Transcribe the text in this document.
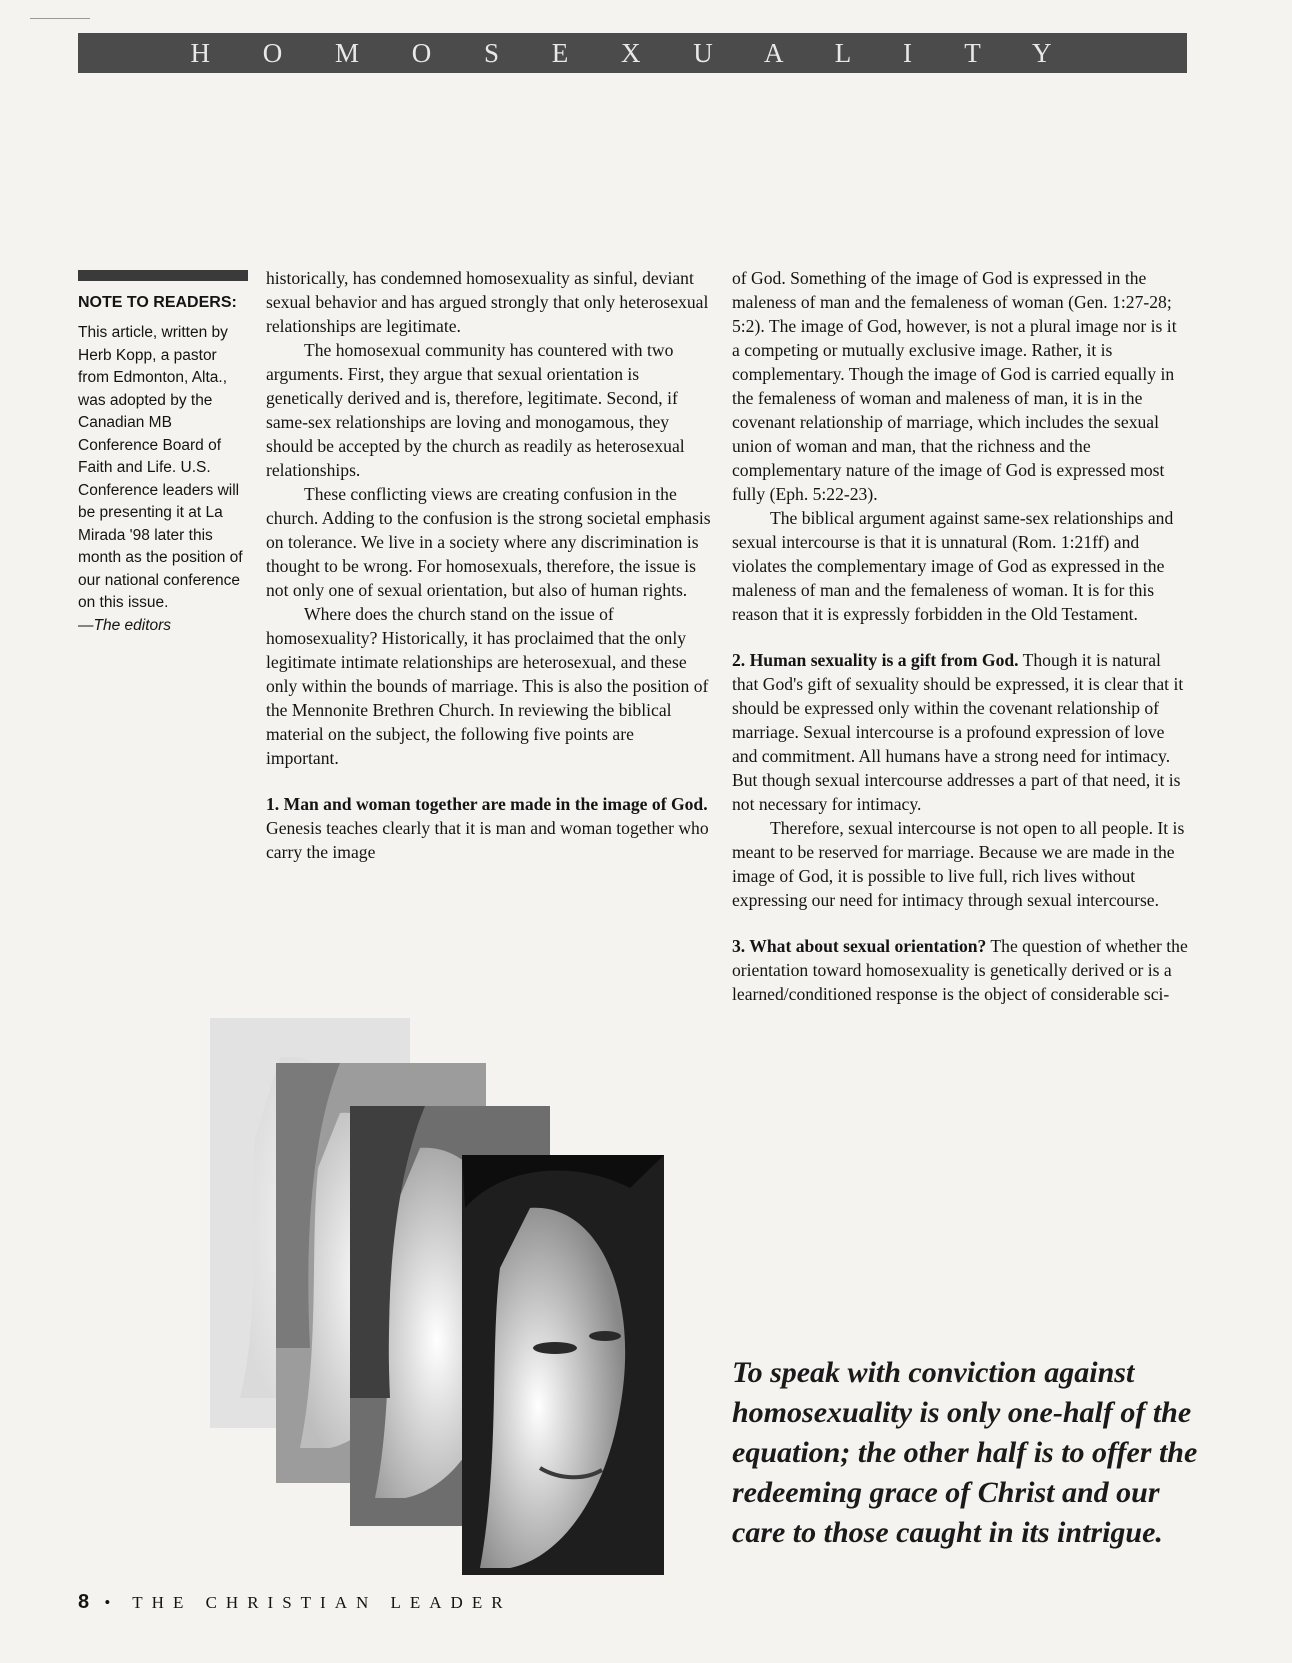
H O M O S E X U A L I T Y
NOTE TO READERS:
This article, written by Herb Kopp, a pastor from Edmonton, Alta., was adopted by the Canadian MB Conference Board of Faith and Life. U.S. Conference leaders will be presenting it at La Mirada '98 later this month as the position of our national conference on this issue.
—The editors

historically, has condemned homosexuality as sinful, deviant sexual behavior and has argued strongly that only heterosexual relationships are legitimate.

The homosexual community has countered with two arguments. First, they argue that sexual orientation is genetically derived and is, therefore, legitimate. Second, if same-sex relationships are loving and monogamous, they should be accepted by the church as readily as heterosexual relationships.

These conflicting views are creating confusion in the church. Adding to the confusion is the strong societal emphasis on tolerance. We live in a society where any discrimination is thought to be wrong. For homosexuals, therefore, the issue is not only one of sexual orientation, but also of human rights.

Where does the church stand on the issue of homosexuality? Historically, it has proclaimed that the only legitimate intimate relationships are heterosexual, and these only within the bounds of marriage. This is also the position of the Mennonite Brethren Church. In reviewing the biblical material on the subject, the following five points are important.

1. Man and woman together are made in the image of God. Genesis teaches clearly that it is man and woman together who carry the image

of God. Something of the image of God is expressed in the maleness of man and the femaleness of woman (Gen. 1:27-28; 5:2). The image of God, however, is not a plural image nor is it a competing or mutually exclusive image. Rather, it is complementary. Though the image of God is carried equally in the femaleness of woman and maleness of man, it is in the covenant relationship of marriage, which includes the sexual union of woman and man, that the richness and the complementary nature of the image of God is expressed most fully (Eph. 5:22-23).

The biblical argument against same-sex relationships and sexual intercourse is that it is unnatural (Rom. 1:21ff) and violates the complementary image of God as expressed in the maleness of man and the femaleness of woman. It is for this reason that it is expressly forbidden in the Old Testament.

2. Human sexuality is a gift from God. Though it is natural that God's gift of sexuality should be expressed, it is clear that it should be expressed only within the covenant relationship of marriage. Sexual intercourse is a profound expression of love and commitment. All humans have a strong need for intimacy. But though sexual intercourse addresses a part of that need, it is not necessary for intimacy.

Therefore, sexual intercourse is not open to all people. It is meant to be reserved for marriage. Because we are made in the image of God, it is possible to live full, rich lives without expressing our need for intimacy through sexual intercourse.

3. What about sexual orientation? The question of whether the orientation toward homosexuality is genetically derived or is a learned/conditioned response is the object of considerable sci-

To speak with conviction against homosexuality is only one-half of the equation; the other half is to offer the redeeming grace of Christ and our care to those caught in its intrigue.
8 • THE CHRISTIAN LEADER
